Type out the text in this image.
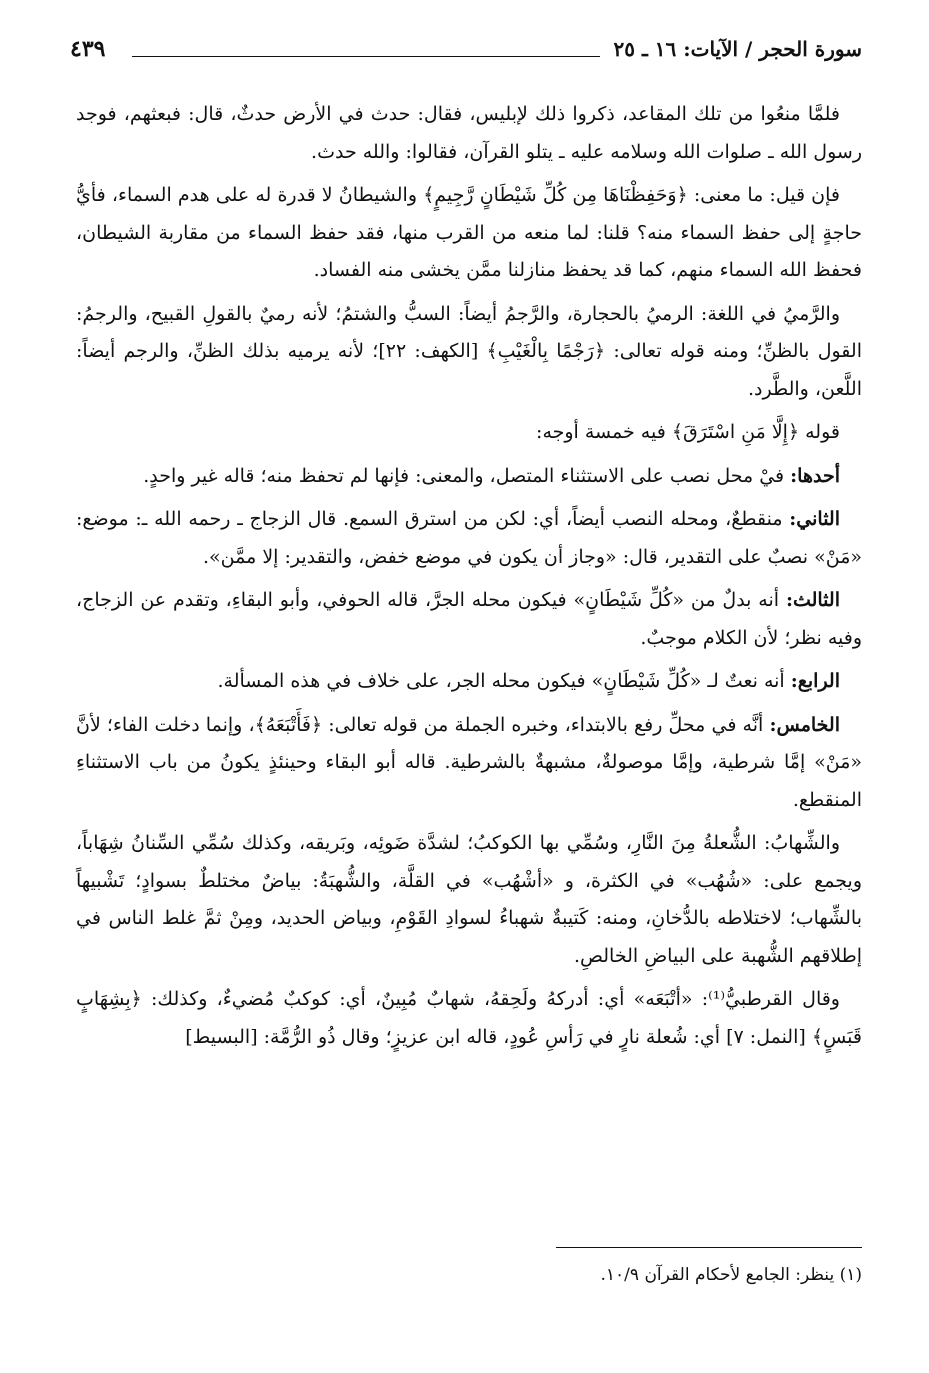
سورة الحجر / الآيات: ١٦ ـ ٢٥
٤٣٩

فلمَّا منعُوا من تلك المقاعد، ذكروا ذلك لإبليس، فقال: حدث في الأرض حدثٌ، قال: فبعثهم، فوجد رسول الله ـ صلوات الله وسلامه عليه ـ يتلو القرآن، فقالوا: والله حدث.

فإن قيل: ما معنى: ﴿وَحَفِظْنَاهَا مِن كُلِّ شَيْطَانٍ رَّجِيمٍ﴾ والشيطانُ لا قدرة له على هدم السماء، فأيُّ حاجةٍ إلى حفظ السماء منه؟ قلنا: لما منعه من القرب منها، فقد حفظ السماء من مقاربة الشيطان، فحفظ الله السماء منهم، كما قد يحفظ منازلنا ممَّن يخشى منه الفساد.

والرَّميُ في اللغة: الرميُ بالحجارة، والرَّجمُ أيضاً: السبُّ والشتمُ؛ لأنه رميٌ بالقولِ القبيح، والرجمُ: القول بالظنِّ؛ ومنه قوله تعالى: ﴿رَجْمًا بِالْغَيْبِ﴾ [الكهف: ٢٢]؛ لأنه يرميه بذلك الظنِّ، والرجم أيضاً: اللَّعن، والطَّرد.

قوله ﴿إِلَّا مَنِ اسْتَرَقَ﴾ فيه خمسة أوجه:

أحدها: فيْ محل نصب على الاستثناء المتصل، والمعنى: فإنها لم تحفظ منه؛ قاله غير واحدٍ.

الثاني: منقطعٌ، ومحله النصب أيضاً، أي: لكن من استرق السمع. قال الزجاج ـ رحمه الله ـ: موضع: «مَنْ» نصبٌ على التقدير، قال: «وجاز أن يكون في موضع خفض، والتقدير: إلا ممَّن».

الثالث: أنه بدلٌ من «كُلِّ شَيْطَانٍ» فيكون محله الجرَّ، قاله الحوفي، وأبو البقاءِ، وتقدم عن الزجاج، وفيه نظر؛ لأن الكلام موجبٌ.

الرابع: أنه نعتٌ لـ «كُلِّ شَيْطَانٍ» فيكون محله الجر، على خلاف في هذه المسألة.

الخامس: أنَّه في محلِّ رفع بالابتداء، وخبره الجملة من قوله تعالى: ﴿فَأَتْبَعَهُ﴾، وإنما دخلت الفاء؛ لأنَّ «مَنْ» إمَّا شرطية، وإمَّا موصولةٌ، مشبهةٌ بالشرطية. قاله أبو البقاء وحينئذٍ يكونُ من باب الاستثناءِ المنقطع.

والشِّهابُ: الشُّعلةُ مِنَ النَّارِ، وسُمِّي بها الكوكبُ؛ لشدَّة ضَوئِه، وبَريقه، وكذلك سُمِّي السِّنانُ شِهَاباً، ويجمع على: «شُهُب» في الكثرة، و «أشْهُب» في القلَّة، والشُّهبَةُ: بياضٌ مختلطٌ بسوادٍ؛ تَشْبيهاً بالشِّهاب؛ لاختلاطه بالدُّخانِ، ومنه: كَتيبةٌ شهباءُ لسوادِ القَوْمِ، وبياض الحديد، ومِنْ ثمَّ غلط الناس في إطلاقهم الشُّهبة على البياضِ الخالصِ.

وقال القرطبيُّ⁽¹⁾: «أتْبَعَه» أي: أدركهُ ولَحِقهُ، شهابٌ مُبِينٌ، أي: كوكبٌ مُضيءٌ، وكذلك: ﴿بِشِهَابٍ قَبَسٍ﴾ [النمل: ٧] أي: شُعلة نارٍ في رَأسِ عُودٍ، قاله ابن عزيزٍ؛ وقال ذُو الرُّمَّة: [البسيط]

(١) ينظر: الجامع لأحكام القرآن ١٠/٩.
